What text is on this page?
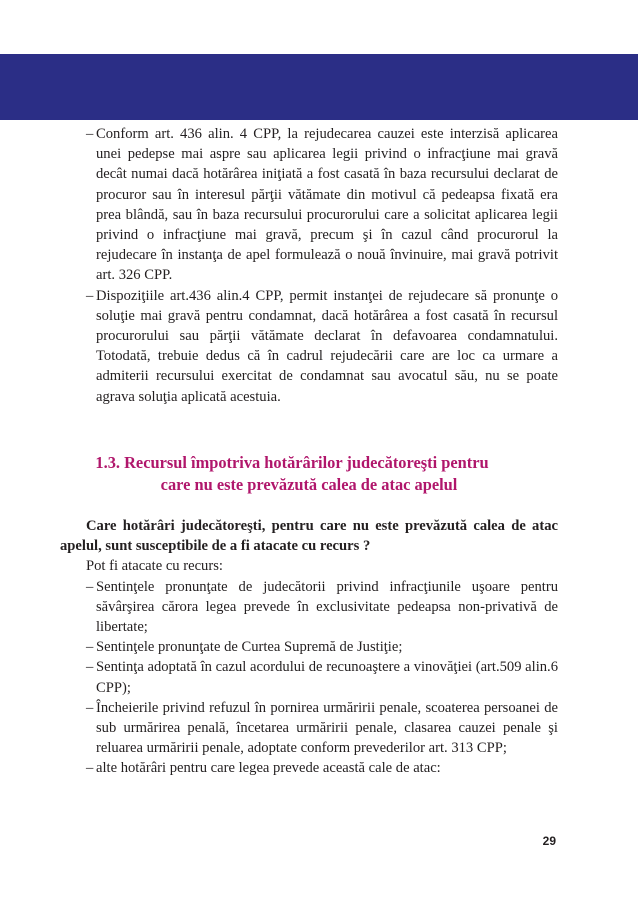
– Conform art. 436 alin. 4 CPP, la rejudecarea cauzei este interzisă aplicarea unei pedepse mai aspre sau aplicarea legii privind o infracţiune mai gravă decât numai dacă hotărârea iniţiată a fost casată în baza recursului declarat de procuror sau în interesul părţii vătămate din motivul că pedeapsa fixată era prea blândă, sau în baza recursului procurorului care a solicitat aplicarea legii privind o infracţiune mai gravă, precum şi în cazul când procurorul la rejudecare în instanţa de apel formulează o nouă învinuire, mai gravă potrivit art. 326 CPP.

– Dispoziţiile art.436 alin.4 CPP, permit instanţei de rejudecare să pronunţe o soluţie mai gravă pentru condamnat, dacă hotărârea a fost casată în recursul procurorului sau părţii vătămate declarat în defavoarea condamnatului. Totodată, trebuie dedus că în cadrul rejudecării care are loc ca urmare a admiterii recursului exercitat de condamnat sau avocatul său, nu se poate agrava soluţia aplicată acestuia.

1.3. Recursul împotriva hotărârilor judecătoreşti pentru
care nu este prevăzută calea de atac apelul

Care hotărâri judecătoreşti, pentru care nu este prevăzută calea de atac apelul, sunt susceptibile de a fi atacate cu recurs ?

Pot fi atacate cu recurs:

– Sentinţele pronunţate de judecătorii privind infracţiunile uşoare pentru săvârşirea cărora legea prevede în exclusivitate pedeapsa non-privativă de libertate;

– Sentinţele pronunţate de Curtea Supremă de Justiţie;

– Sentinţa adoptată în cazul acordului de recunoaştere a vinovăţiei (art.509 alin.6 CPP);

– Încheierile privind refuzul în pornirea urmăririi penale, scoaterea persoanei de sub urmărirea penală, încetarea urmăririi penale, clasarea cauzei penale şi reluarea urmăririi penale, adoptate conform prevederilor art. 313 CPP;

– alte hotărâri pentru care legea prevede această cale de atac:

29
